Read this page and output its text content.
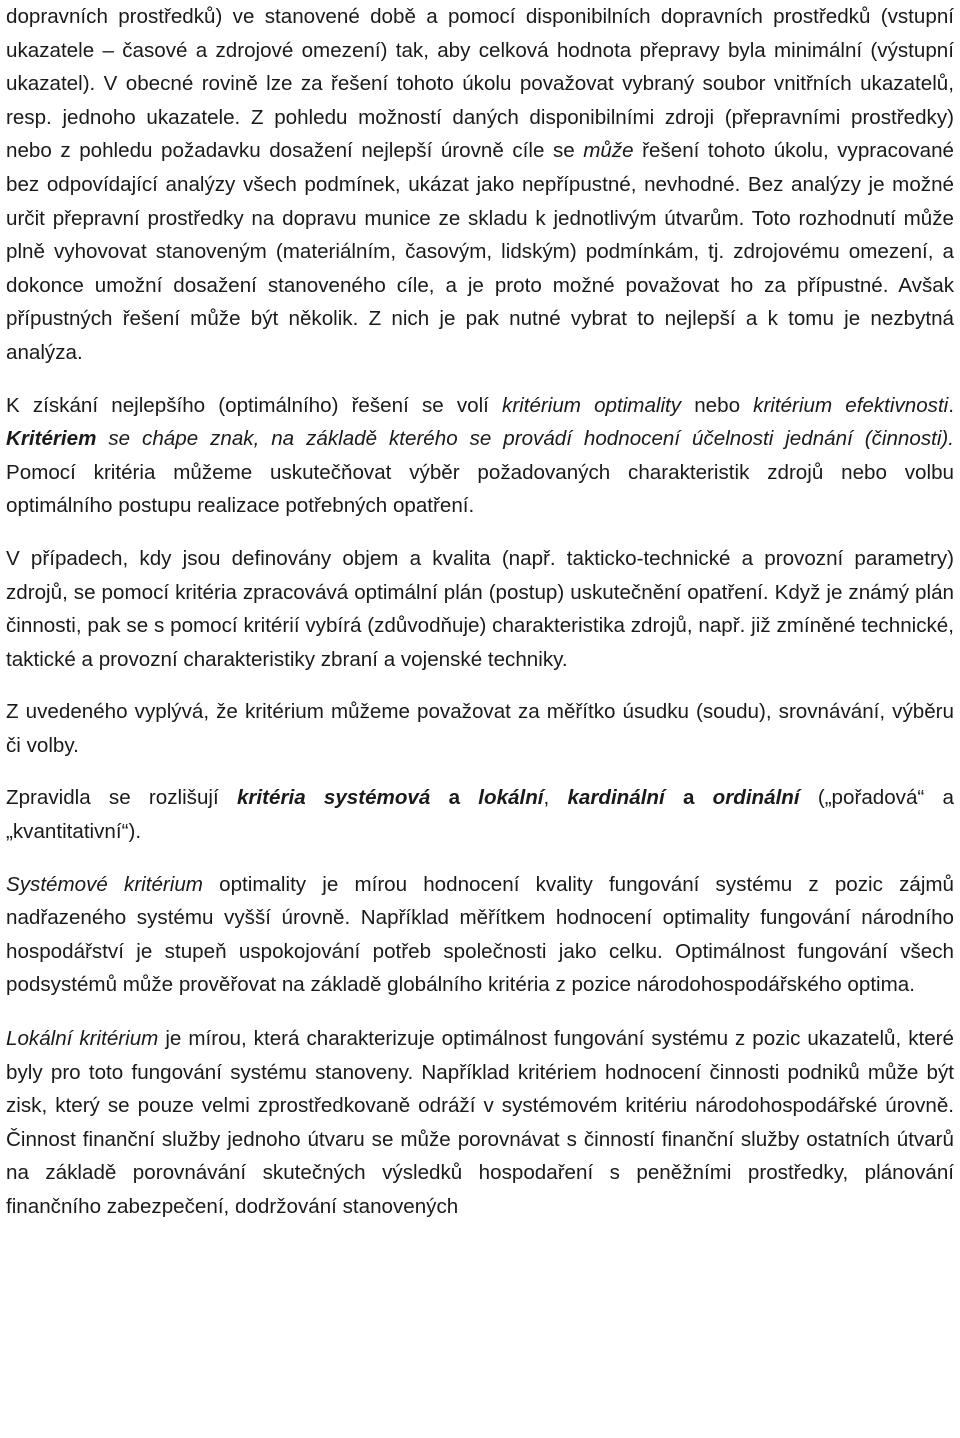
dopravních prostředků) ve stanovené době a pomocí disponibilních dopravních prostředků (vstupní ukazatele – časové a zdrojové omezení) tak, aby celková hodnota přepravy byla minimální (výstupní ukazatel). V obecné rovině lze za řešení tohoto úkolu považovat vybraný soubor vnitřních ukazatelů, resp. jednoho ukazatele. Z pohledu možností daných disponibilními zdroji (přepravními prostředky) nebo z pohledu požadavku dosažení nejlepší úrovně cíle se může řešení tohoto úkolu, vypracované bez odpovídající analýzy všech podmínek, ukázat jako nepřípustné, nevhodné. Bez analýzy je možné určit přepravní prostředky na dopravu munice ze skladu k jednotlivým útvarům. Toto rozhodnutí může plně vyhovovat stanoveným (materiálním, časovým, lidským) podmínkám, tj. zdrojovému omezení, a dokonce umožní dosažení stanoveného cíle, a je proto možné považovat ho za přípustné. Avšak přípustných řešení může být několik. Z nich je pak nutné vybrat to nejlepší a k tomu je nezbytná analýza.

K získání nejlepšího (optimálního) řešení se volí kritérium optimality nebo kritérium efektivnosti. Kritériem se chápe znak, na základě kterého se provádí hodnocení účelnosti jednání (činnosti). Pomocí kritéria můžeme uskutečňovat výběr požadovaných charakteristik zdrojů nebo volbu optimálního postupu realizace potřebných opatření.

V případech, kdy jsou definovány objem a kvalita (např. takticko-technické a provozní parametry) zdrojů, se pomocí kritéria zpracovává optimální plán (postup) uskutečnění opatření. Když je známý plán činnosti, pak se s pomocí kritérií vybírá (zdůvodňuje) charakteristika zdrojů, např. již zmíněné technické, taktické a provozní charakteristiky zbraní a vojenské techniky.

Z uvedeného vyplývá, že kritérium můžeme považovat za měřítko úsudku (soudu), srovnávání, výběru či volby.

Zpravidla se rozlišují kritéria systémová a lokální, kardinální a ordinální („pořadová“ a „kvantitativní“).

Systémové kritérium optimality je mírou hodnocení kvality fungování systému z pozic zájmů nadřazeného systému vyšší úrovně. Například měřítkem hodnocení optimality fungování národního hospodářství je stupeň uspokojování potřeb společnosti jako celku. Optimálnost fungování všech podsystémů může prověřovat na základě globálního kritéria z pozice národohospodářského optima.

Lokální kritérium je mírou, která charakterizuje optimálnost fungování systému z pozic ukazatelů, které byly pro toto fungování systému stanoveny. Například kritériem hodnocení činnosti podniků může být zisk, který se pouze velmi zprostředkovaně odráží v systémovém kritériu národohospodářské úrovně. Činnost finanční služby jednoho útvaru se může porovnávat s činností finanční služby ostatních útvarů na základě porovnávání skutečných výsledků hospodaření s peněžními prostředky, plánování finančního zabezpečení, dodržování stanovených
